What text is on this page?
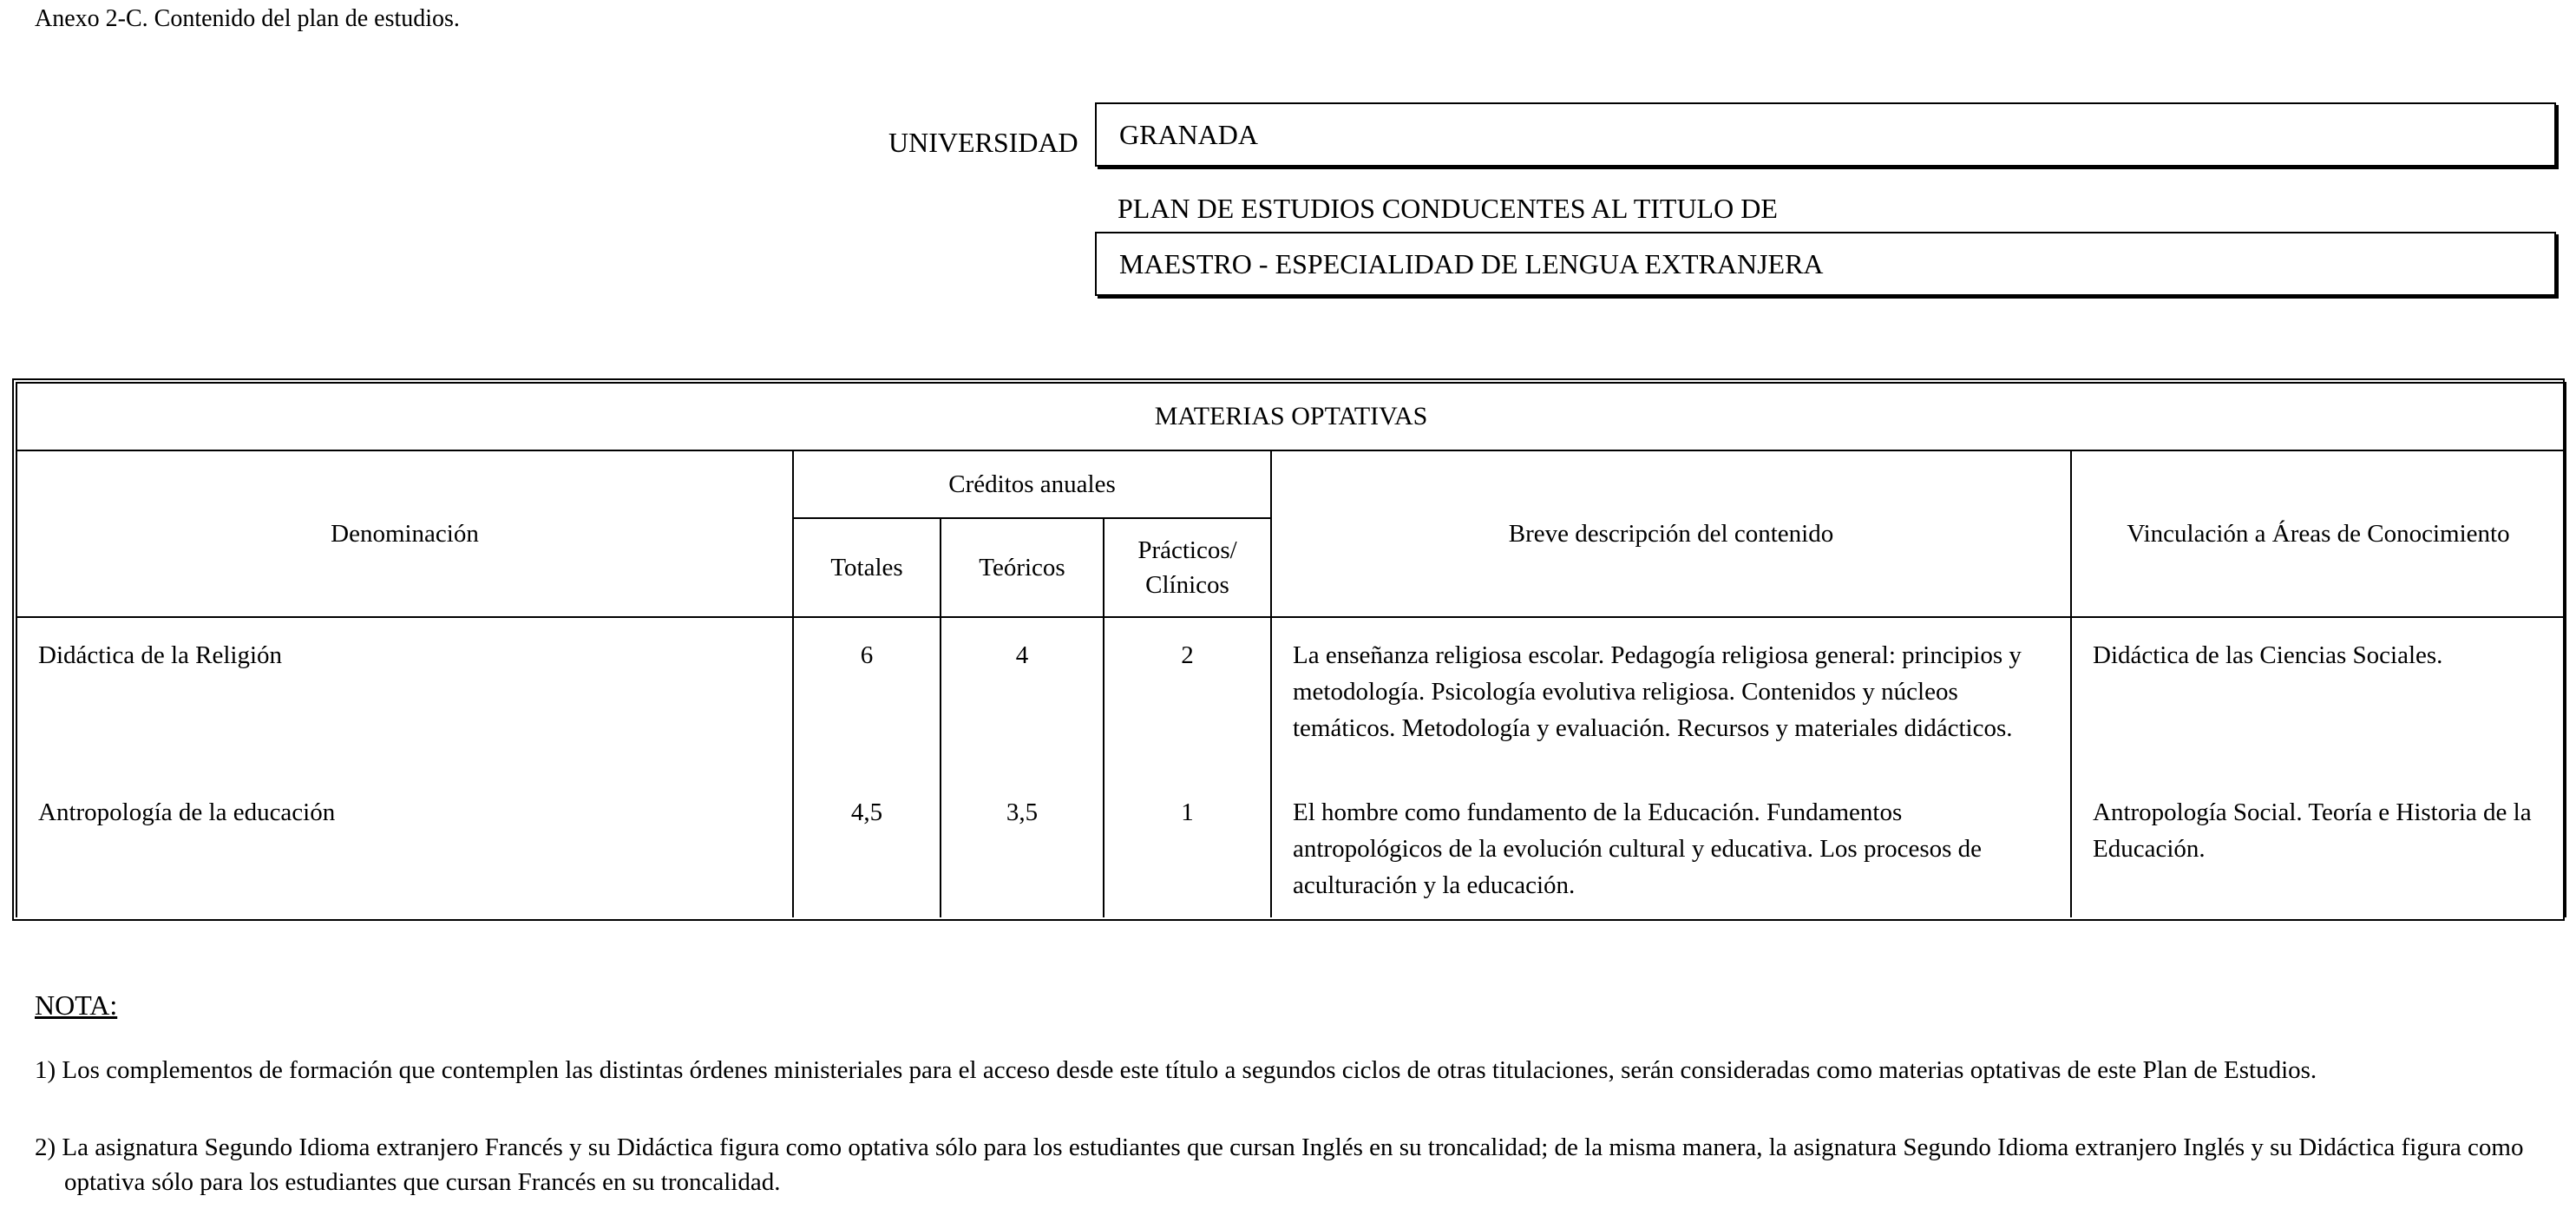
Anexo 2-C. Contenido del plan de estudios.
UNIVERSIDAD	GRANADA
PLAN DE ESTUDIOS CONDUCENTES AL TITULO DE
MAESTRO - ESPECIALIDAD DE LENGUA EXTRANJERA
MATERIAS OPTATIVAS					
Denominación	Créditos anuales			Breve descripción del contenido	Vinculación a Áreas de Conocimiento
	Totales	Teóricos	Prácticos/
Clínicos		
Didáctica de la Religión	6	4	2	La enseñanza religiosa escolar. Pedagogía religiosa general: principios y metodología. Psicología evolutiva religiosa. Contenidos y núcleos temáticos. Metodología y evaluación. Recursos y materiales didácticos.	Didáctica de las Ciencias Sociales.
Antropología de la educación	4,5	3,5	1	El hombre como fundamento de la Educación. Fundamentos antropológicos de la evolución cultural y educativa. Los procesos de aculturación y la educación.	Antropología Social. Teoría e Historia de la Educación.
NOTA:
1) Los complementos de formación que contemplen las distintas órdenes ministeriales para el acceso desde este título a segundos ciclos de otras titulaciones, serán consideradas como materias optativas de este Plan de Estudios.
2) La asignatura Segundo Idioma extranjero Francés y su Didáctica figura como optativa sólo para los estudiantes que cursan Inglés en su troncalidad; de la misma manera, la asignatura Segundo Idioma extranjero Inglés y su Didáctica figura como optativa sólo para los estudiantes que cursan Francés en su troncalidad.
